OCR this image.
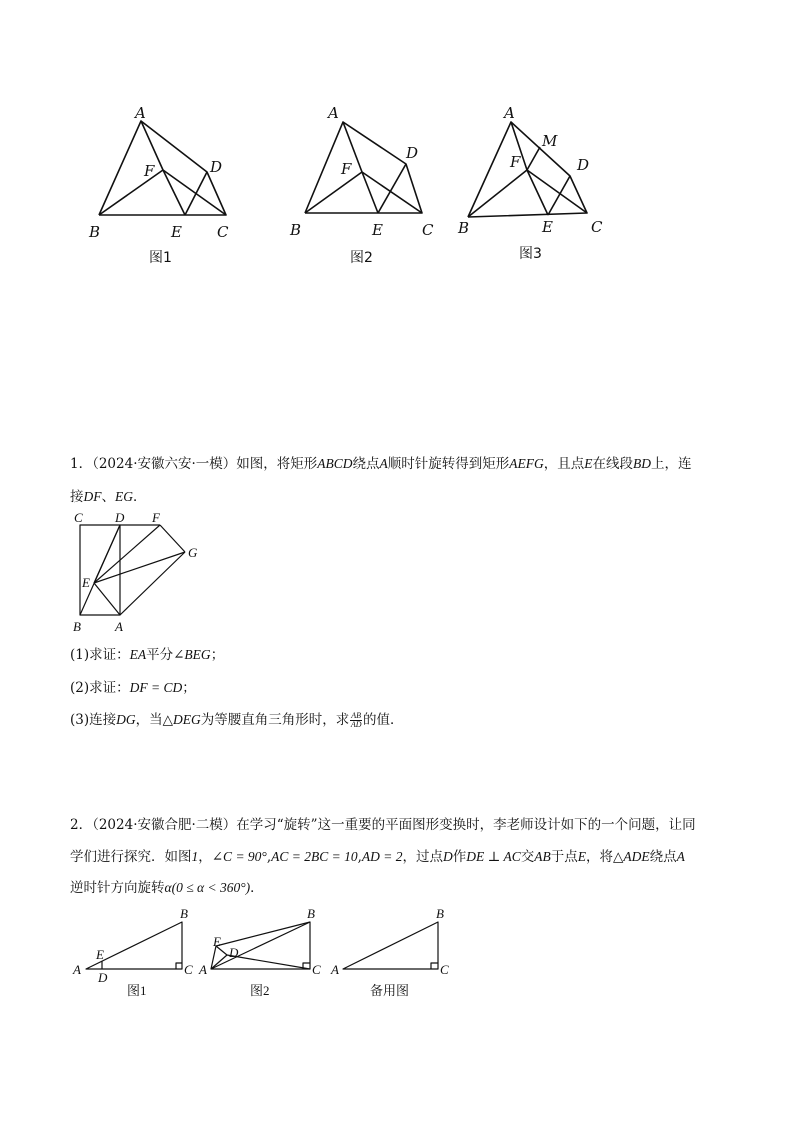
A
B	C
D
E
F
图1
A
B	C
D
E
F
图2
A
B	C
D
E
F
M
图3
C D F
G
E
B	A
A
B
C
D
E
图1
A
B
C
D
E
图2
A
B
C
备用图
1．（2024·安徽六安·一模）如图，将矩形ABCD绕点A顺时针旋转得到矩形AEFG，且点E在线段BD上，连
接DF、EG．
(1)求证：EA平分∠BEG；
(2)求证：DF = CD；
(3)连接DG，当△DEG为等腰直角三角形时，求 $\frac{AB}{AD}$ 的值．
2．（2024·安徽合肥·二模）在学习“旋转”这一重要的平面图形变换时，李老师设计如下的一个问题，让同
学们进行探究．如图1，∠C = 90°,AC = 2BC = 10,AD = 2，过点D作DE ⊥ AC交AB于点E，将△ADE绕点A
逆时针方向旋转α(0 ≤ α < 360°)．
